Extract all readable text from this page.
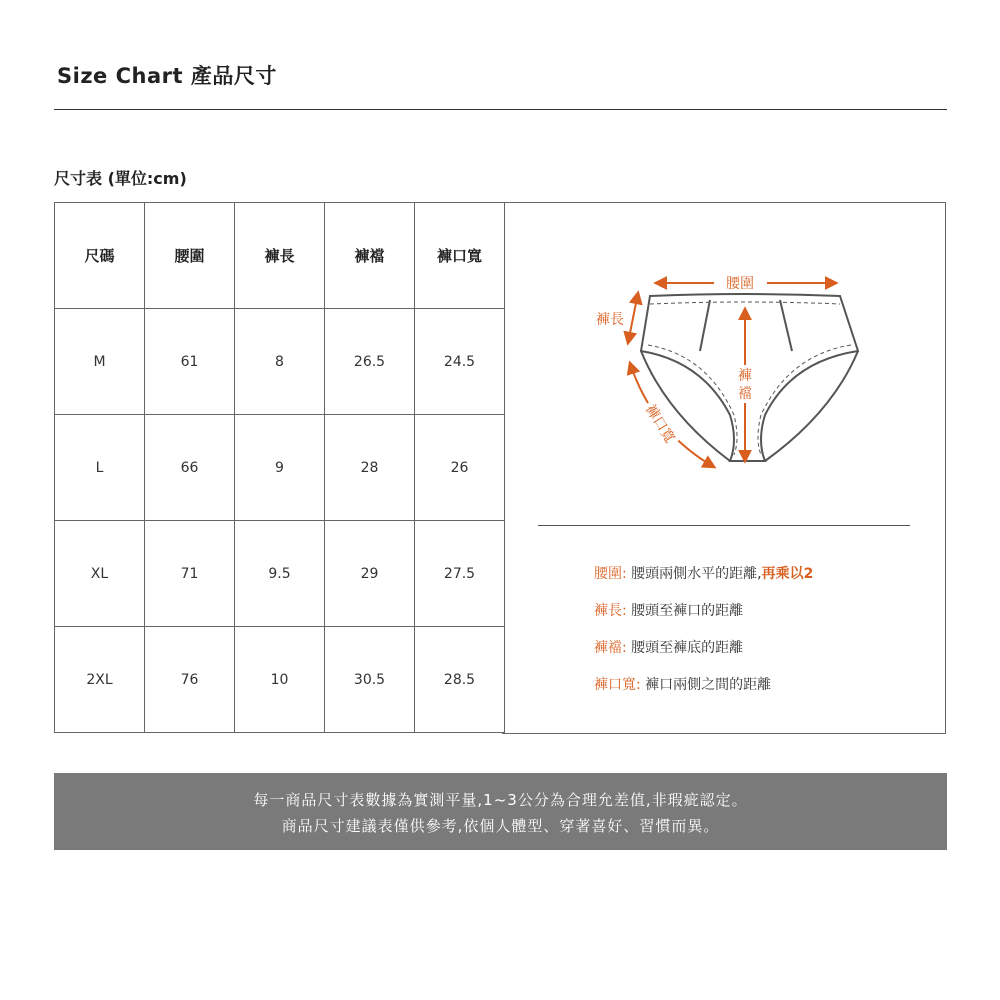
Size Chart 產品尺寸
尺寸表 (單位:cm)
尺碼	腰圍	褲長	褲襠	褲口寬
M	61	8	26.5	24.5
L	66	9	28	26
XL	71	9.5	29	27.5
2XL	76	10	30.5	28.5
腰圍
褲長
褲
襠
褲口寬
腰圍: 腰頭兩側水平的距離,再乘以2
褲長: 腰頭至褲口的距離
褲襠: 腰頭至褲底的距離
褲口寬: 褲口兩側之間的距離
每一商品尺寸表數據為實測平量,1~3公分為合理允差值,非瑕疵認定。
商品尺寸建議表僅供參考,依個人體型、穿著喜好、習慣而異。
